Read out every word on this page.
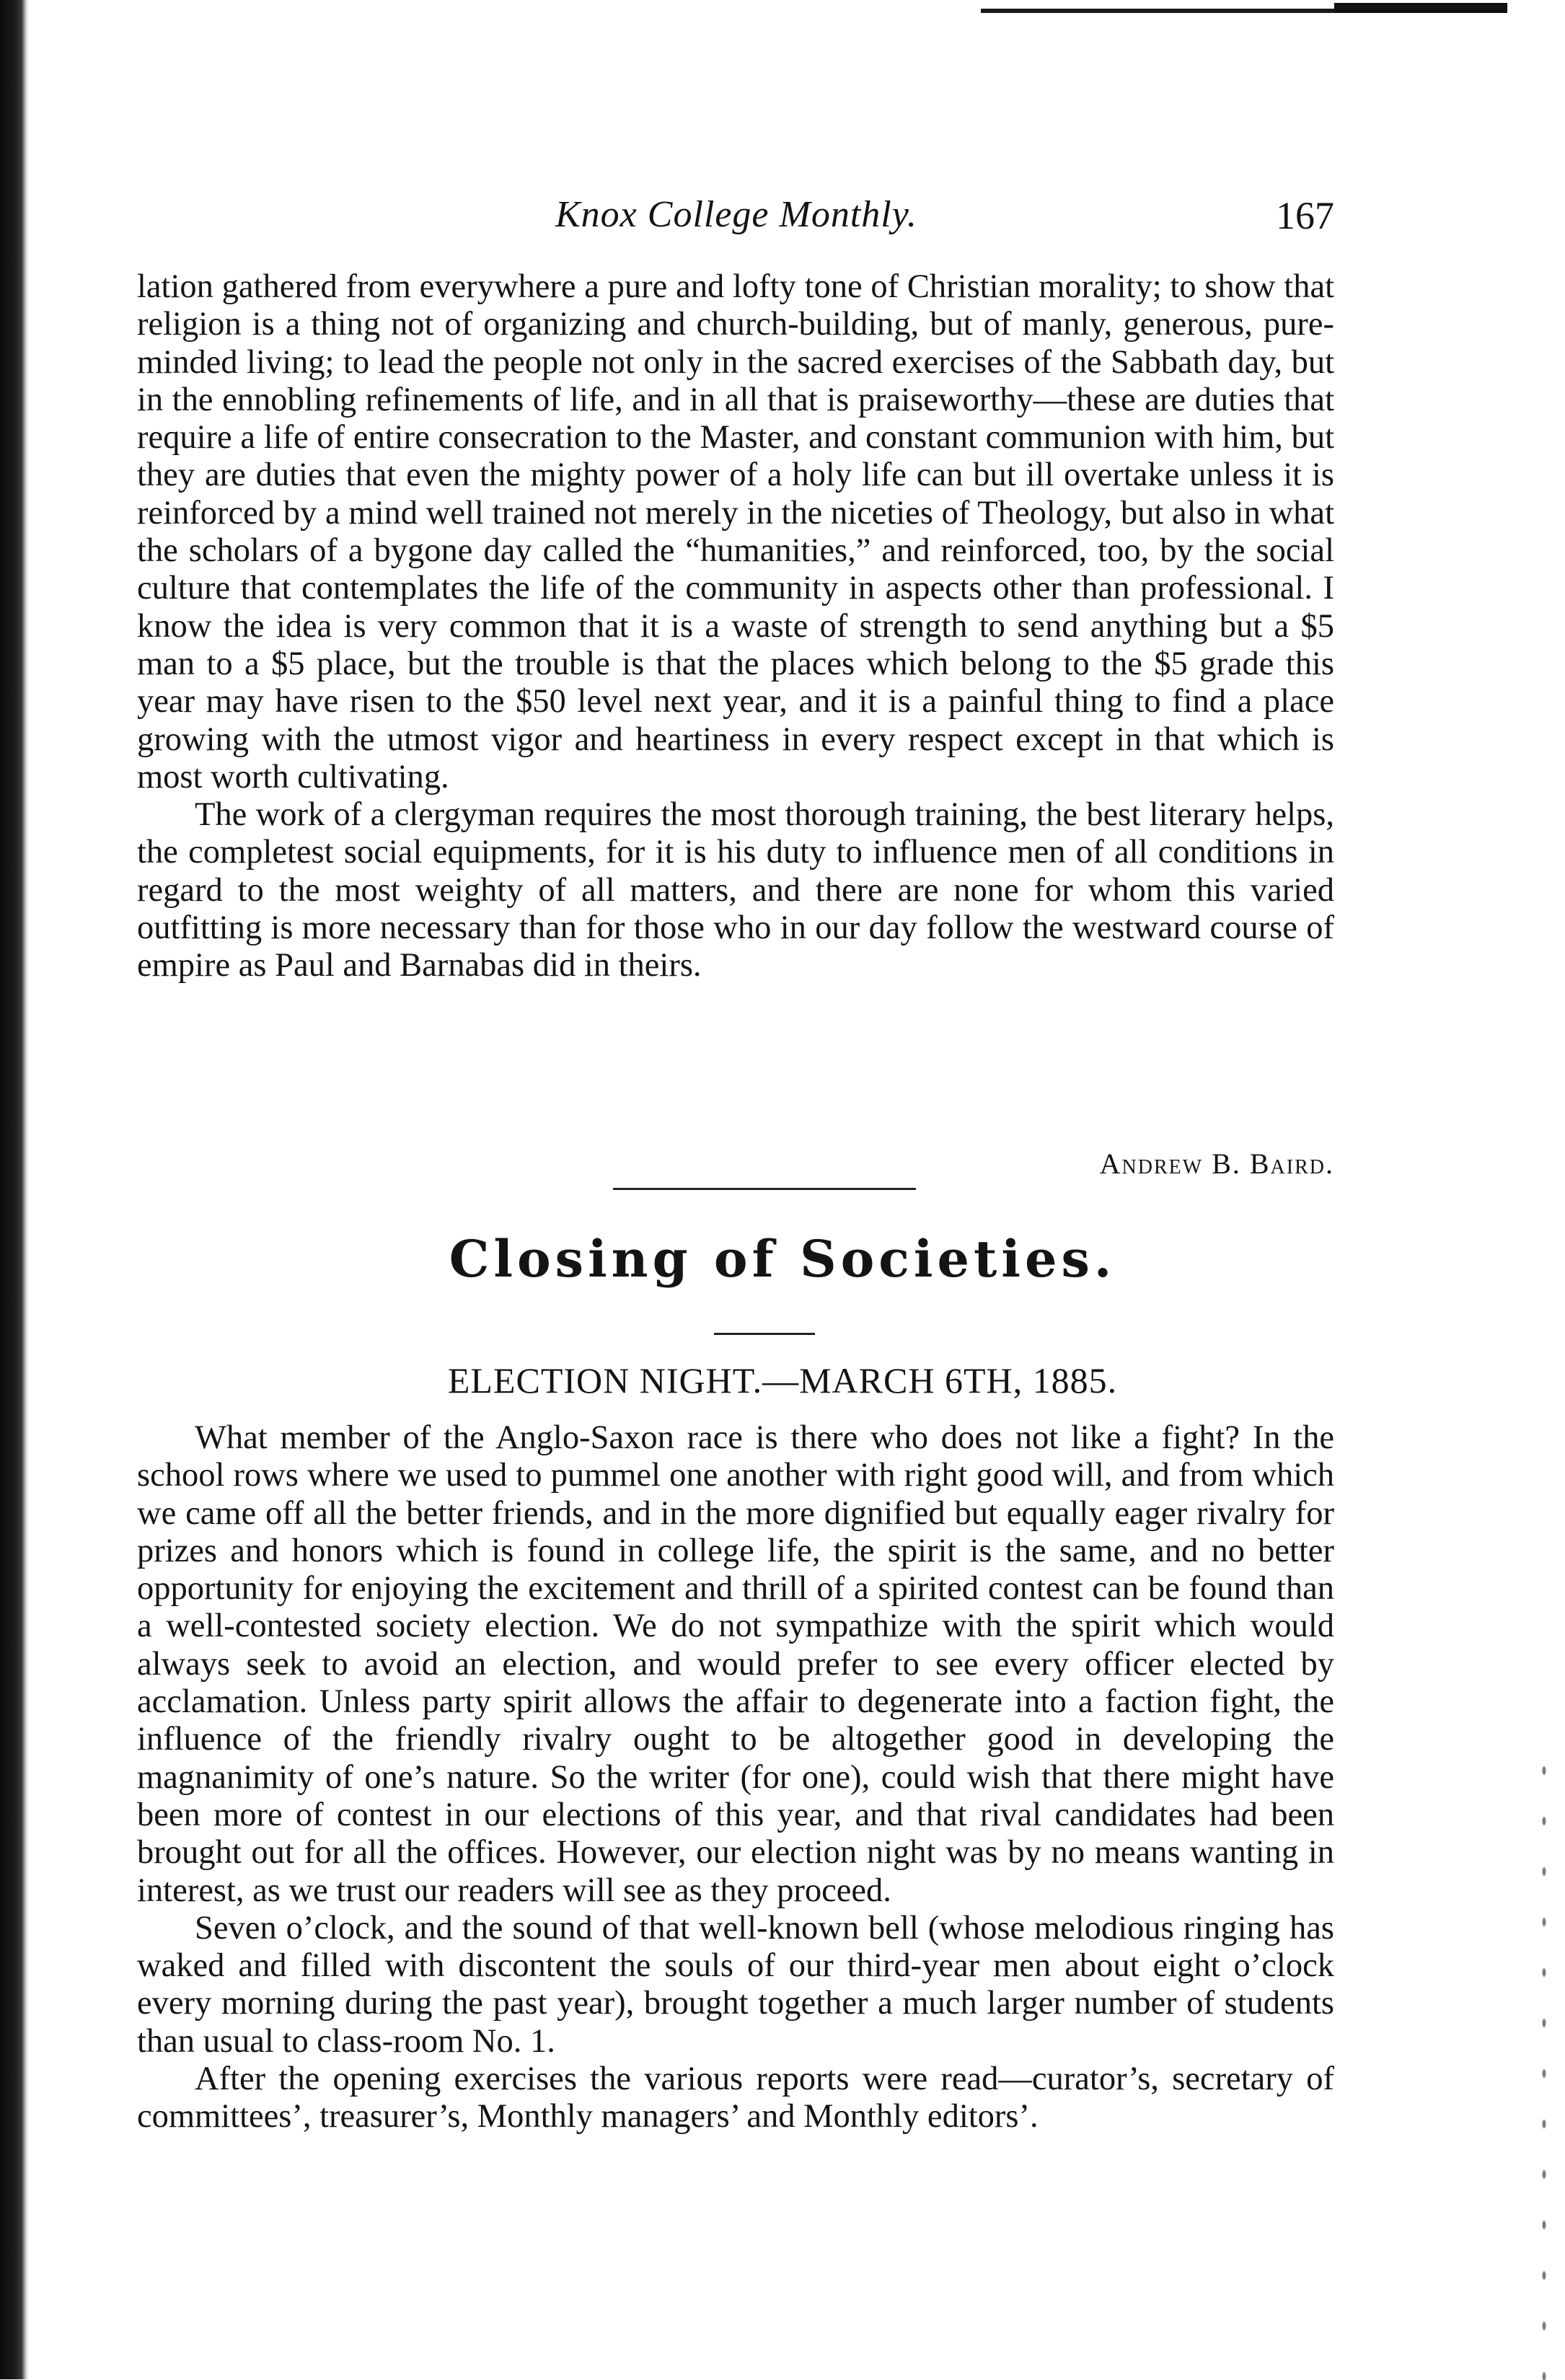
Knox College Monthly.	167

lation gathered from everywhere a pure and lofty tone of Christian morality; to show that religion is a thing not of organizing and church-building, but of manly, generous, pure-minded living; to lead the people not only in the sacred exercises of the Sabbath day, but in the ennobling refinements of life, and in all that is praiseworthy—these are duties that require a life of entire consecration to the Master, and constant communion with him, but they are duties that even the mighty power of a holy life can but ill overtake unless it is reinforced by a mind well trained not merely in the niceties of Theology, but also in what the scholars of a bygone day called the “humanities,” and reinforced, too, by the social culture that contemplates the life of the community in aspects other than professional. I know the idea is very common that it is a waste of strength to send anything but a $5 man to a $5 place, but the trouble is that the places which belong to the $5 grade this year may have risen to the $50 level next year, and it is a painful thing to find a place growing with the utmost vigor and heartiness in every respect except in that which is most worth cultivating.

The work of a clergyman requires the most thorough training, the best literary helps, the completest social equipments, for it is his duty to influence men of all conditions in regard to the most weighty of all matters, and there are none for whom this varied outfitting is more necessary than for those who in our day follow the westward course of empire as Paul and Barnabas did in theirs.

Andrew B. Baird.
Closing of Societies.
ELECTION NIGHT.—MARCH 6TH, 1885.

What member of the Anglo-Saxon race is there who does not like a fight? In the school rows where we used to pummel one another with right good will, and from which we came off all the better friends, and in the more dignified but equally eager rivalry for prizes and honors which is found in college life, the spirit is the same, and no better opportunity for enjoying the excitement and thrill of a spirited contest can be found than a well-contested society election. We do not sympathize with the spirit which would always seek to avoid an election, and would prefer to see every officer elected by acclamation. Unless party spirit allows the affair to degenerate into a faction fight, the influence of the friendly rivalry ought to be altogether good in developing the magnanimity of one’s nature. So the writer (for one), could wish that there might have been more of contest in our elections of this year, and that rival candidates had been brought out for all the offices. However, our election night was by no means wanting in interest, as we trust our readers will see as they proceed.

Seven o’clock, and the sound of that well-known bell (whose melodious ringing has waked and filled with discontent the souls of our third-year men about eight o’clock every morning during the past year), brought together a much larger number of students than usual to class-room No. 1.

After the opening exercises the various reports were read—curator’s, secretary of committees’, treasurer’s, Monthly managers’ and Monthly editors’.
